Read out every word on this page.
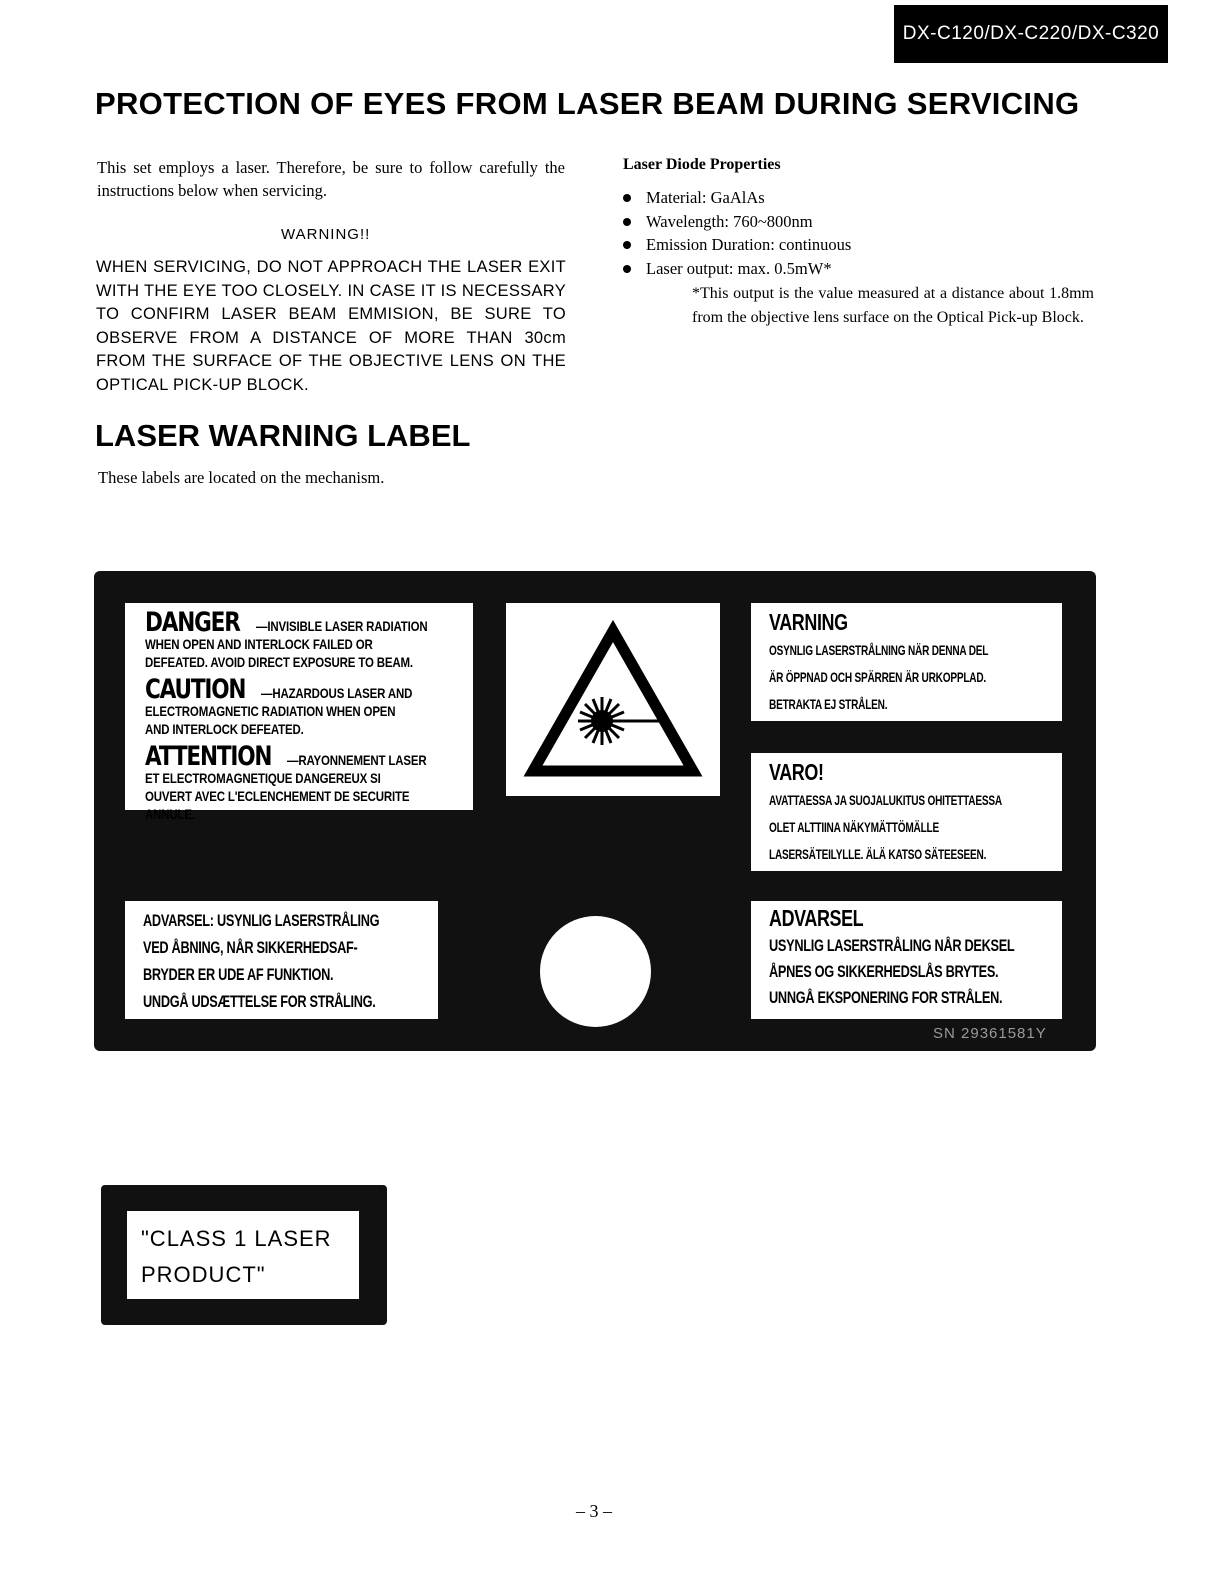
DX-C120/DX-C220/DX-C320
PROTECTION OF EYES FROM LASER BEAM DURING SERVICING
This set employs a laser. Therefore, be sure to follow carefully the instructions below when servicing.
WARNING!!
WHEN SERVICING, DO NOT APPROACH THE LASER EXIT WITH THE EYE TOO CLOSELY. IN CASE IT IS NECESSARY TO CONFIRM LASER BEAM EMMISION, BE SURE TO OBSERVE FROM A DISTANCE OF MORE THAN 30cm FROM THE SURFACE OF THE OBJECTIVE LENS ON THE OPTICAL PICK-UP BLOCK.
Laser Diode Properties
Material: GaAlAs
Wavelength: 760~800nm
Emission Duration: continuous
Laser output: max. 0.5mW*
*This output is the value measured at a distance about 1.8mm from the objective lens surface on the Optical Pick-up Block.
LASER WARNING LABEL
These labels are located on the mechanism.
DANGER —INVISIBLE LASER RADIATION
WHEN OPEN AND INTERLOCK FAILED OR
DEFEATED. AVOID DIRECT EXPOSURE TO BEAM.
CAUTION —HAZARDOUS LASER AND
ELECTROMAGNETIC RADIATION WHEN OPEN
AND INTERLOCK DEFEATED.
ATTENTION —RAYONNEMENT LASER
ET ELECTROMAGNETIQUE DANGEREUX SI
OUVERT AVEC L'ECLENCHEMENT DE SECURITE
ANNULE.
VARNING
OSYNLIG LASERSTRÅLNING NÄR DENNA DEL
ÄR ÖPPNAD OCH SPÄRREN ÄR URKOPPLAD.
BETRAKTA EJ STRÅLEN.
VARO!
AVATTAESSA JA SUOJALUKITUS OHITETTAESSA
OLET ALTTIINA NÄKYMÄTTÖMÄLLE
LASERSÄTEILYLLE. ÄLÄ KATSO SÄTEESEEN.
ADVARSEL: USYNLIG LASERSTRÅLING
VED ÅBNING, NÅR SIKKERHEDSAF-
BRYDER ER UDE AF FUNKTION.
UNDGÅ UDSÆTTELSE FOR STRÅLING.
ADVARSEL
USYNLIG LASERSTRÅLING NÅR DEKSEL
ÅPNES OG SIKKERHEDSLÅS BRYTES.
UNNGÅ EKSPONERING FOR STRÅLEN.
SN 29361581Y
"CLASS 1 LASER
PRODUCT"
– 3 –
